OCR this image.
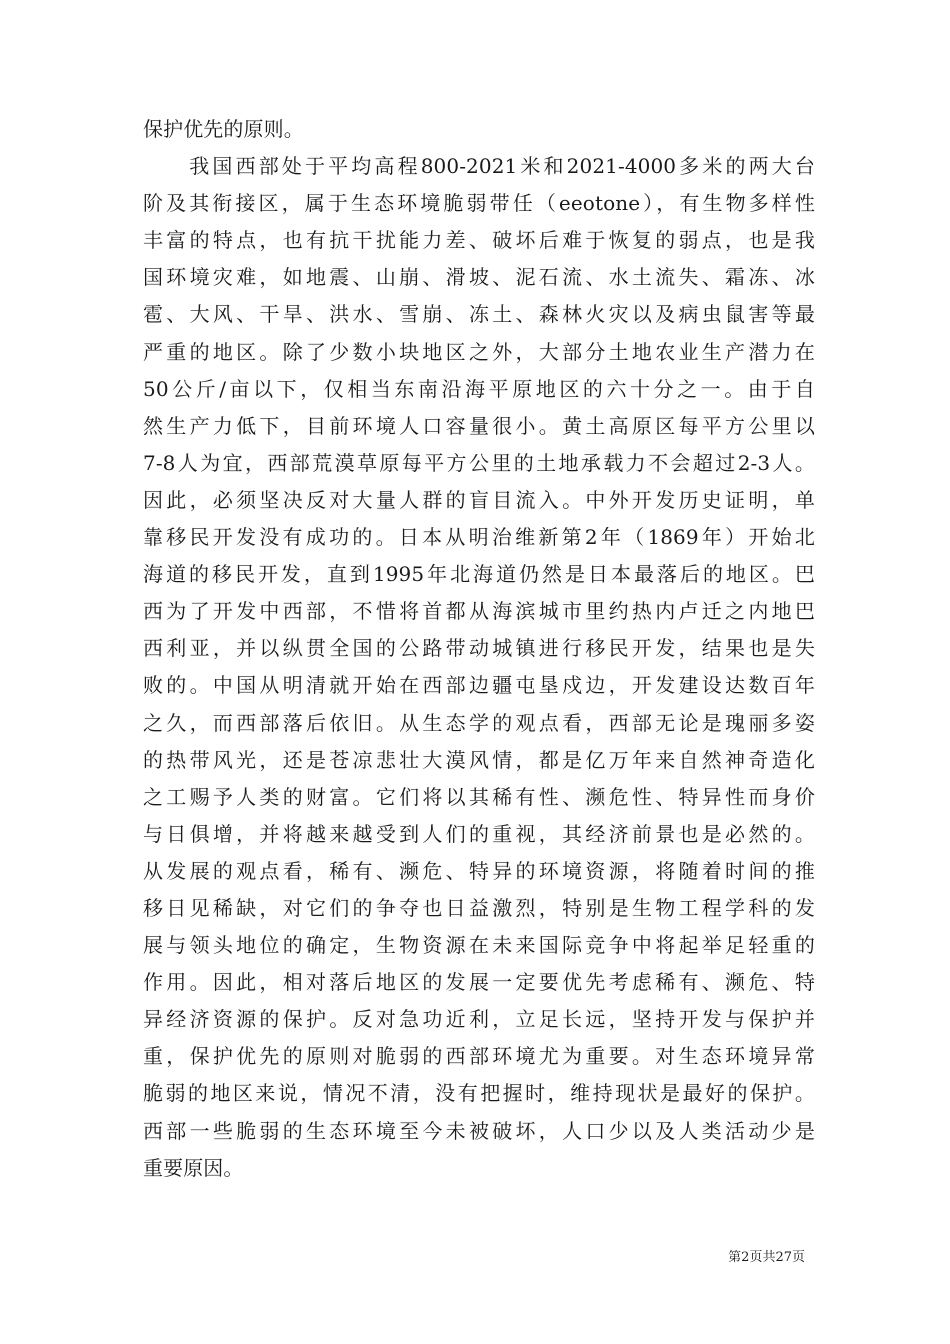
保护优先的原则。
　　我国西部处于平均高程800-2021米和2021-4000多米的两大台
阶及其衔接区，属于生态环境脆弱带任（eeotone），有生物多样性
丰富的特点，也有抗干扰能力差、破坏后难于恢复的弱点，也是我
国环境灾难，如地震、山崩、滑坡、泥石流、水土流失、霜冻、冰
雹、大风、干旱、洪水、雪崩、冻土、森林火灾以及病虫鼠害等最
严重的地区。除了少数小块地区之外，大部分土地农业生产潜力在
50公斤/亩以下，仅相当东南沿海平原地区的六十分之一。由于自
然生产力低下，目前环境人口容量很小。黄土高原区每平方公里以
7-8人为宜，西部荒漠草原每平方公里的土地承载力不会超过2-3人。
因此，必须坚决反对大量人群的盲目流入。中外开发历史证明，单
靠移民开发没有成功的。日本从明治维新第2年（1869年）开始北
海道的移民开发，直到1995年北海道仍然是日本最落后的地区。巴
西为了开发中西部，不惜将首都从海滨城市里约热内卢迁之内地巴
西利亚，并以纵贯全国的公路带动城镇进行移民开发，结果也是失
败的。中国从明清就开始在西部边疆屯垦戍边，开发建设达数百年
之久，而西部落后依旧。从生态学的观点看，西部无论是瑰丽多姿
的热带风光，还是苍凉悲壮大漠风情，都是亿万年来自然神奇造化
之工赐予人类的财富。它们将以其稀有性、濒危性、特异性而身价
与日俱增，并将越来越受到人们的重视，其经济前景也是必然的。
从发展的观点看，稀有、濒危、特异的环境资源，将随着时间的推
移日见稀缺，对它们的争夺也日益激烈，特别是生物工程学科的发
展与领头地位的确定，生物资源在未来国际竞争中将起举足轻重的
作用。因此，相对落后地区的发展一定要优先考虑稀有、濒危、特
异经济资源的保护。反对急功近利，立足长远，坚持开发与保护并
重，保护优先的原则对脆弱的西部环境尤为重要。对生态环境异常
脆弱的地区来说，情况不清，没有把握时，维持现状是最好的保护。
西部一些脆弱的生态环境至今未被破坏，人口少以及人类活动少是
重要原因。
第2页共27页
